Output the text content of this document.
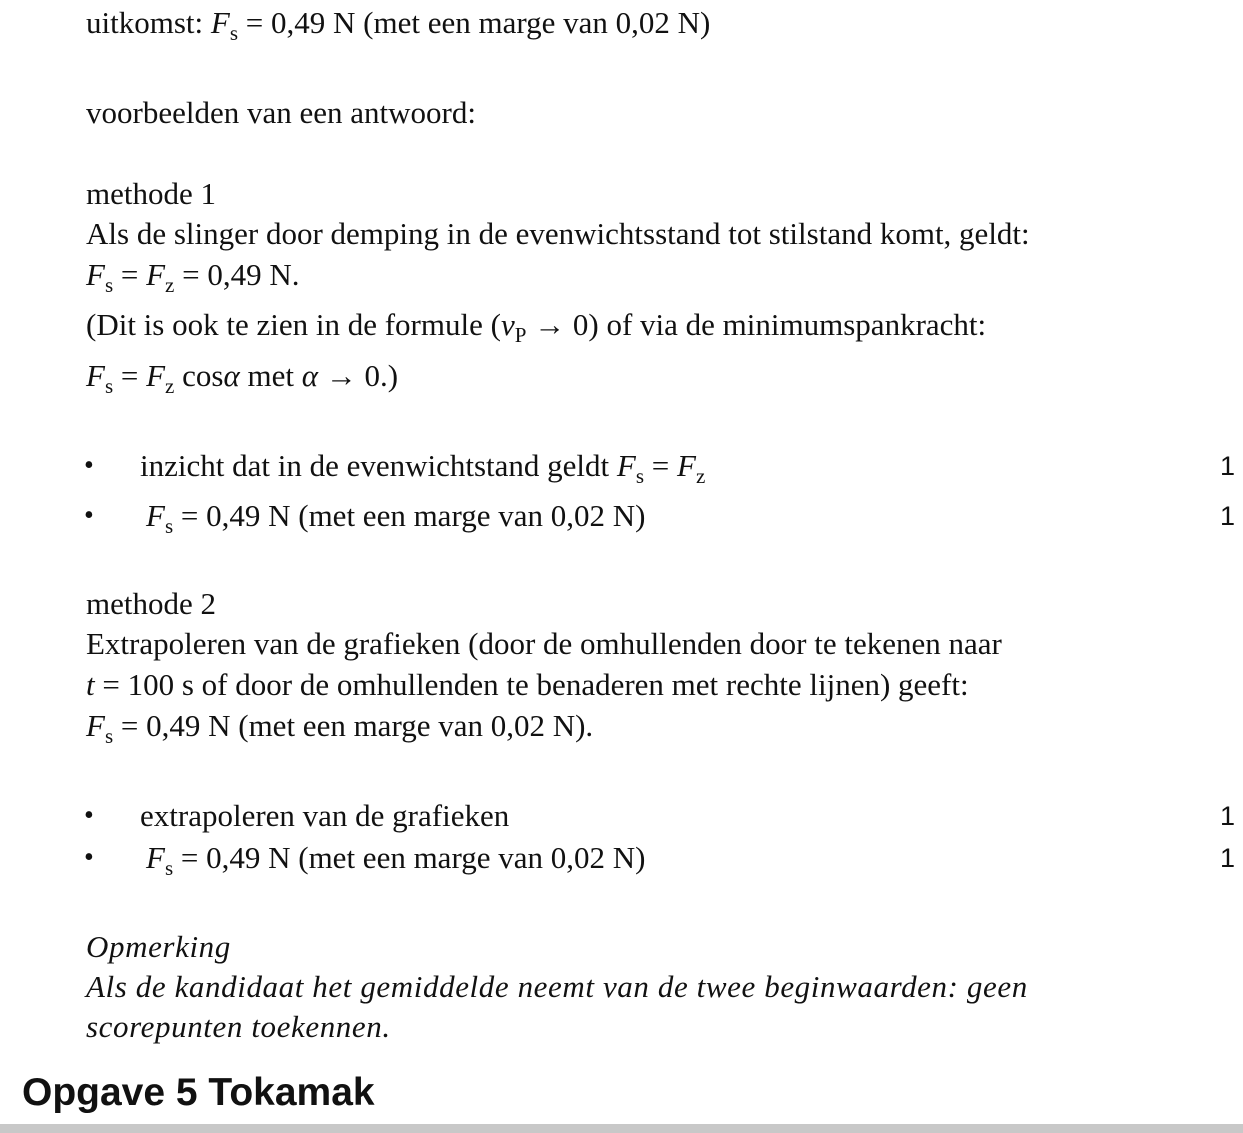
uitkomst: $F_s = 0,49$ N (met een marge van 0,02 N)
voorbeelden van een antwoord:
methode 1
Als de slinger door demping in de evenwichtsstand tot stilstand komt, geldt:
$F_s = F_z = 0,49$ N.
(Dit is ook te zien in de formule $(v_P \to 0)$ of via de minimumspankracht:
$F_s = F_z$ cosα met α → 0.)
• inzicht dat in de evenwichtstand geldt $F_s = F_z$	1
• $F_s = 0,49$ N (met een marge van 0,02 N)	1
methode 2
Extrapoleren van de grafieken (door de omhullenden door te tekenen naar
t = 100 s of door de omhullenden te benaderen met rechte lijnen) geeft:
$F_s = 0,49$ N (met een marge van 0,02 N).
• extrapoleren van de grafieken	1
• $F_s = 0,49$ N (met een marge van 0,02 N)	1
Opmerking
Als de kandidaat het gemiddelde neemt van de twee beginwaarden: geen
scorepunten toekennen.
Opgave 5 Tokamak
